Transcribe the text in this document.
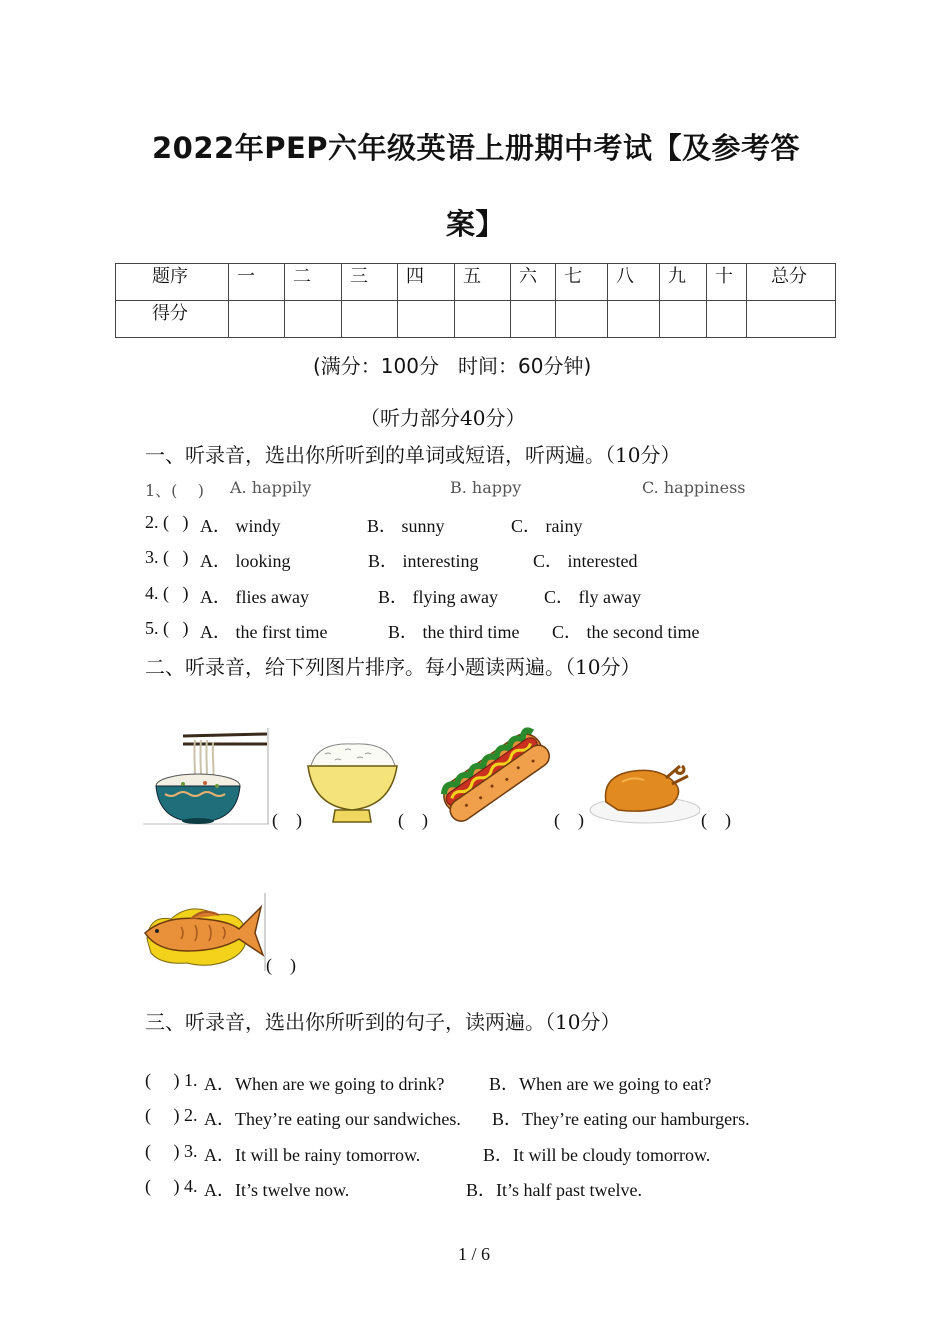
2022年PEP六年级英语上册期中考试【及参考答
案】
题序	一	二	三	四	五	六	七	八	九	十	总分
得分											
(满分：100分   时间：60分钟)
（听力部分40分）
一、听录音，选出你所听到的单词或短语，听两遍。（10分）
1、(    ) A. happily	B. happy	C. happiness
2. (   ) A． windy	B． sunny	C． rainy
3. (   ) A． looking	B． interesting	C． interested
4. (   ) A． flies away	B． flying away	C． fly away
5. (   ) A． the first time	B． the third time C． the second time
二、听录音，给下列图片排序。每小题读两遍。（10分）
(    )	(    )	(    )	(    )
(    )
三、听录音，选出你所听到的句子，读两遍。（10分）
(     ) 1. A．When are we going to drink? B．When are we going to eat?
(     ) 2. A．They’re eating our sandwiches. B．They’re eating our hamburgers.
(     ) 3. A．It will be rainy tomorrow.	B．It will be cloudy tomorrow.
(     ) 4. A．It’s twelve now.	B．It’s half past twelve.
1 / 6
